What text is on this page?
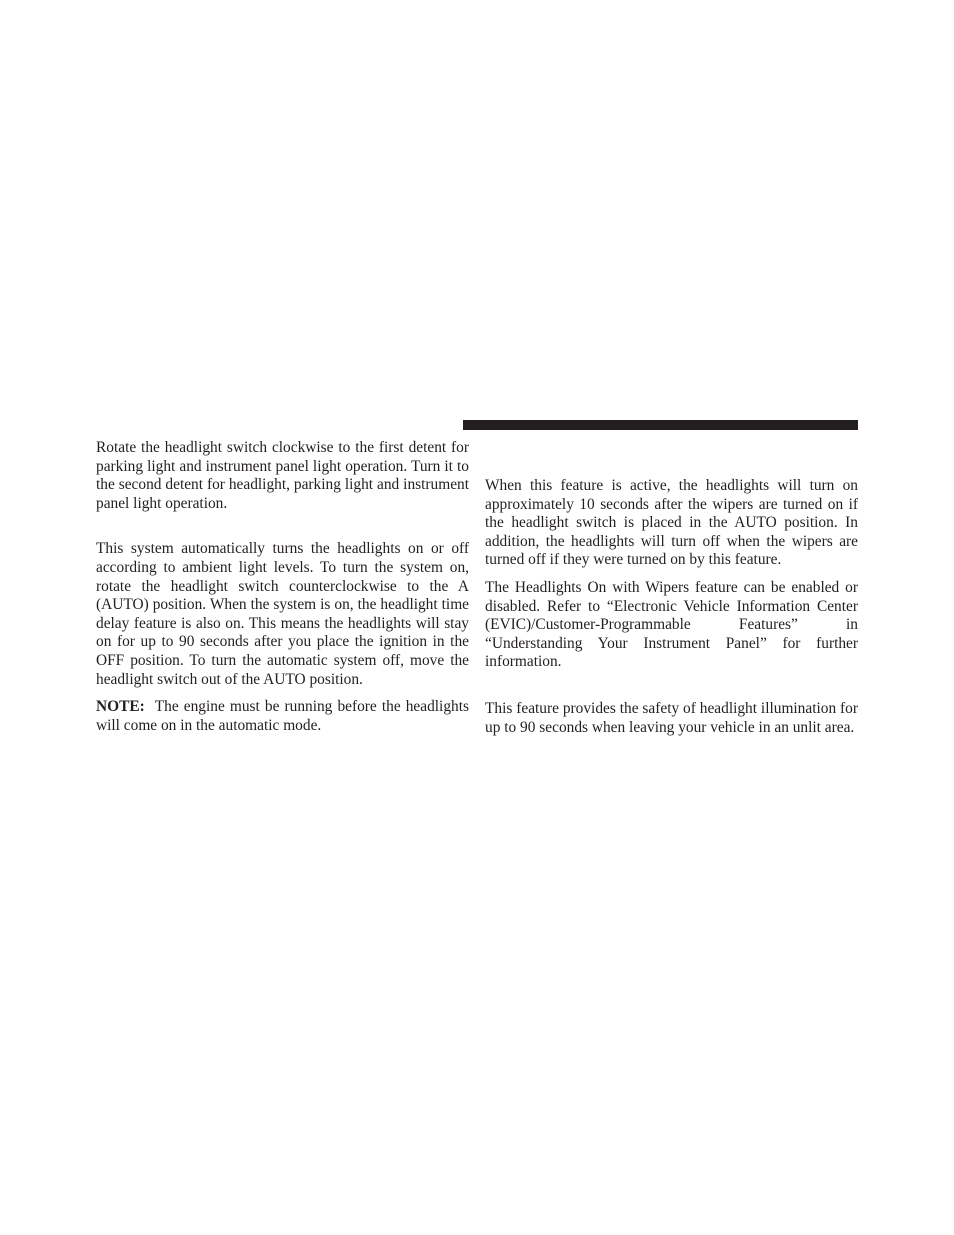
Rotate the headlight switch clockwise to the first detent for parking light and instrument panel light operation. Turn it to the second detent for headlight, parking light and instrument panel light operation.

This system automatically turns the headlights on or off according to ambient light levels. To turn the system on, rotate the headlight switch counterclockwise to the A (AUTO) position. When the system is on, the headlight time delay feature is also on. This means the headlights will stay on for up to 90 seconds after you place the ignition in the OFF position. To turn the automatic system off, move the headlight switch out of the AUTO position.

NOTE: The engine must be running before the headlights will come on in the automatic mode.

When this feature is active, the headlights will turn on approximately 10 seconds after the wipers are turned on if the headlight switch is placed in the AUTO position. In addition, the headlights will turn off when the wipers are turned off if they were turned on by this feature.

The Headlights On with Wipers feature can be enabled or disabled. Refer to “Electronic Vehicle Information Center (EVIC)/Customer-Programmable Features” in “Understanding Your Instrument Panel” for further information.

This feature provides the safety of headlight illumination for up to 90 seconds when leaving your vehicle in an unlit area.
